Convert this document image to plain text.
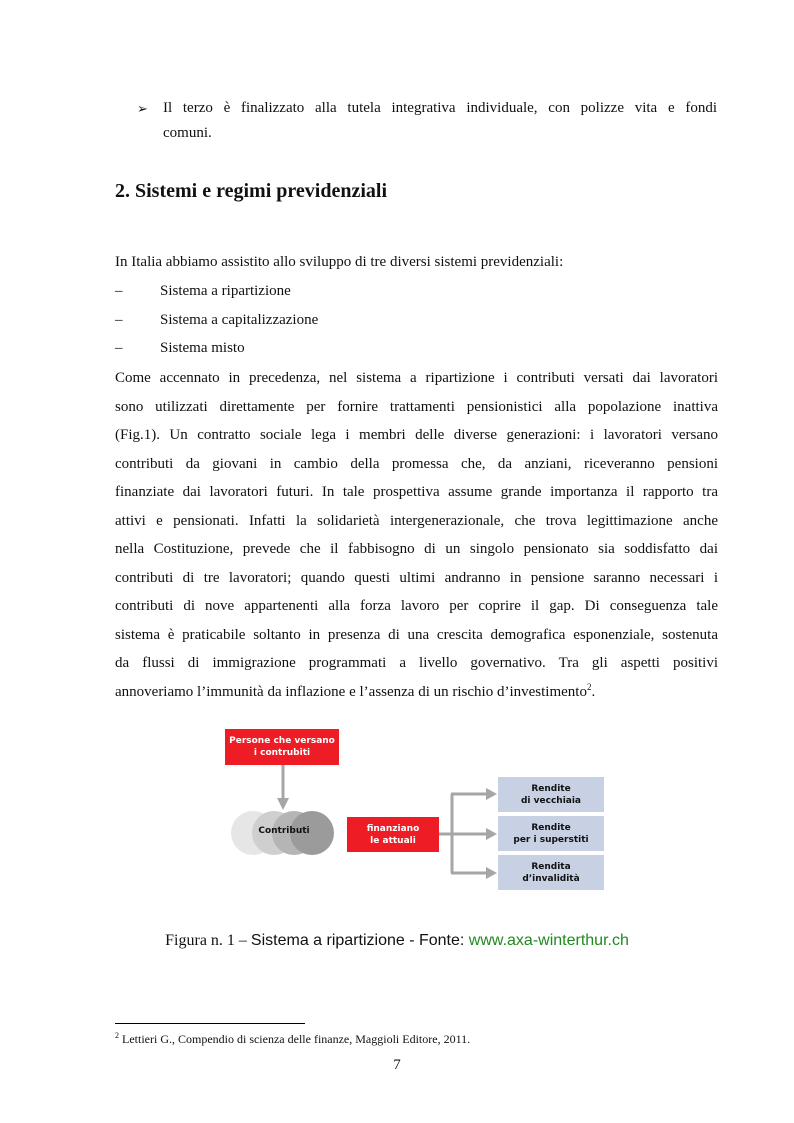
➢ Il terzo è finalizzato alla tutela integrativa individuale, con polizze vita e fondi
comuni.
2. Sistemi e regimi previdenziali

In Italia abbiamo assistito allo sviluppo di tre diversi sistemi previdenziali:

–	Sistema a ripartizione
–	Sistema a capitalizzazione
–	Sistema misto

Come accennato in precedenza, nel sistema a ripartizione i contributi versati dai lavoratori
sono utilizzati direttamente per fornire trattamenti pensionistici alla popolazione inattiva
(Fig.1). Un contratto sociale lega i membri delle diverse generazioni: i lavoratori versano
contributi da giovani in cambio della promessa che, da anziani, riceveranno pensioni
finanziate dai lavoratori futuri. In tale prospettiva assume grande importanza il rapporto tra
attivi e pensionati. Infatti la solidarietà intergenerazionale, che trova legittimazione anche
nella Costituzione, prevede che il fabbisogno di un singolo pensionato sia soddisfatto dai
contributi di tre lavoratori; quando questi ultimi andranno in pensione saranno necessari i
contributi di nove appartenenti alla forza lavoro per coprire il gap. Di conseguenza tale
sistema è praticabile soltanto in presenza di una crescita demografica esponenziale, sostenuta
da flussi di immigrazione programmati a livello governativo. Tra gli aspetti positivi
annoveriamo l’immunità da inflazione e l’assenza di un rischio d’investimento$^2$.

Persone che versano
i contrubiti
Contributi	finanziano
le attuali
Rendite
di vecchiaia
Rendite
per i superstiti
Rendita
d’invalidità

Figura n. 1 – Sistema a ripartizione - Fonte: www.axa-winterthur.ch

$^2$ Lettieri G., Compendio di scienza delle finanze, Maggioli Editore, 2011.

7
